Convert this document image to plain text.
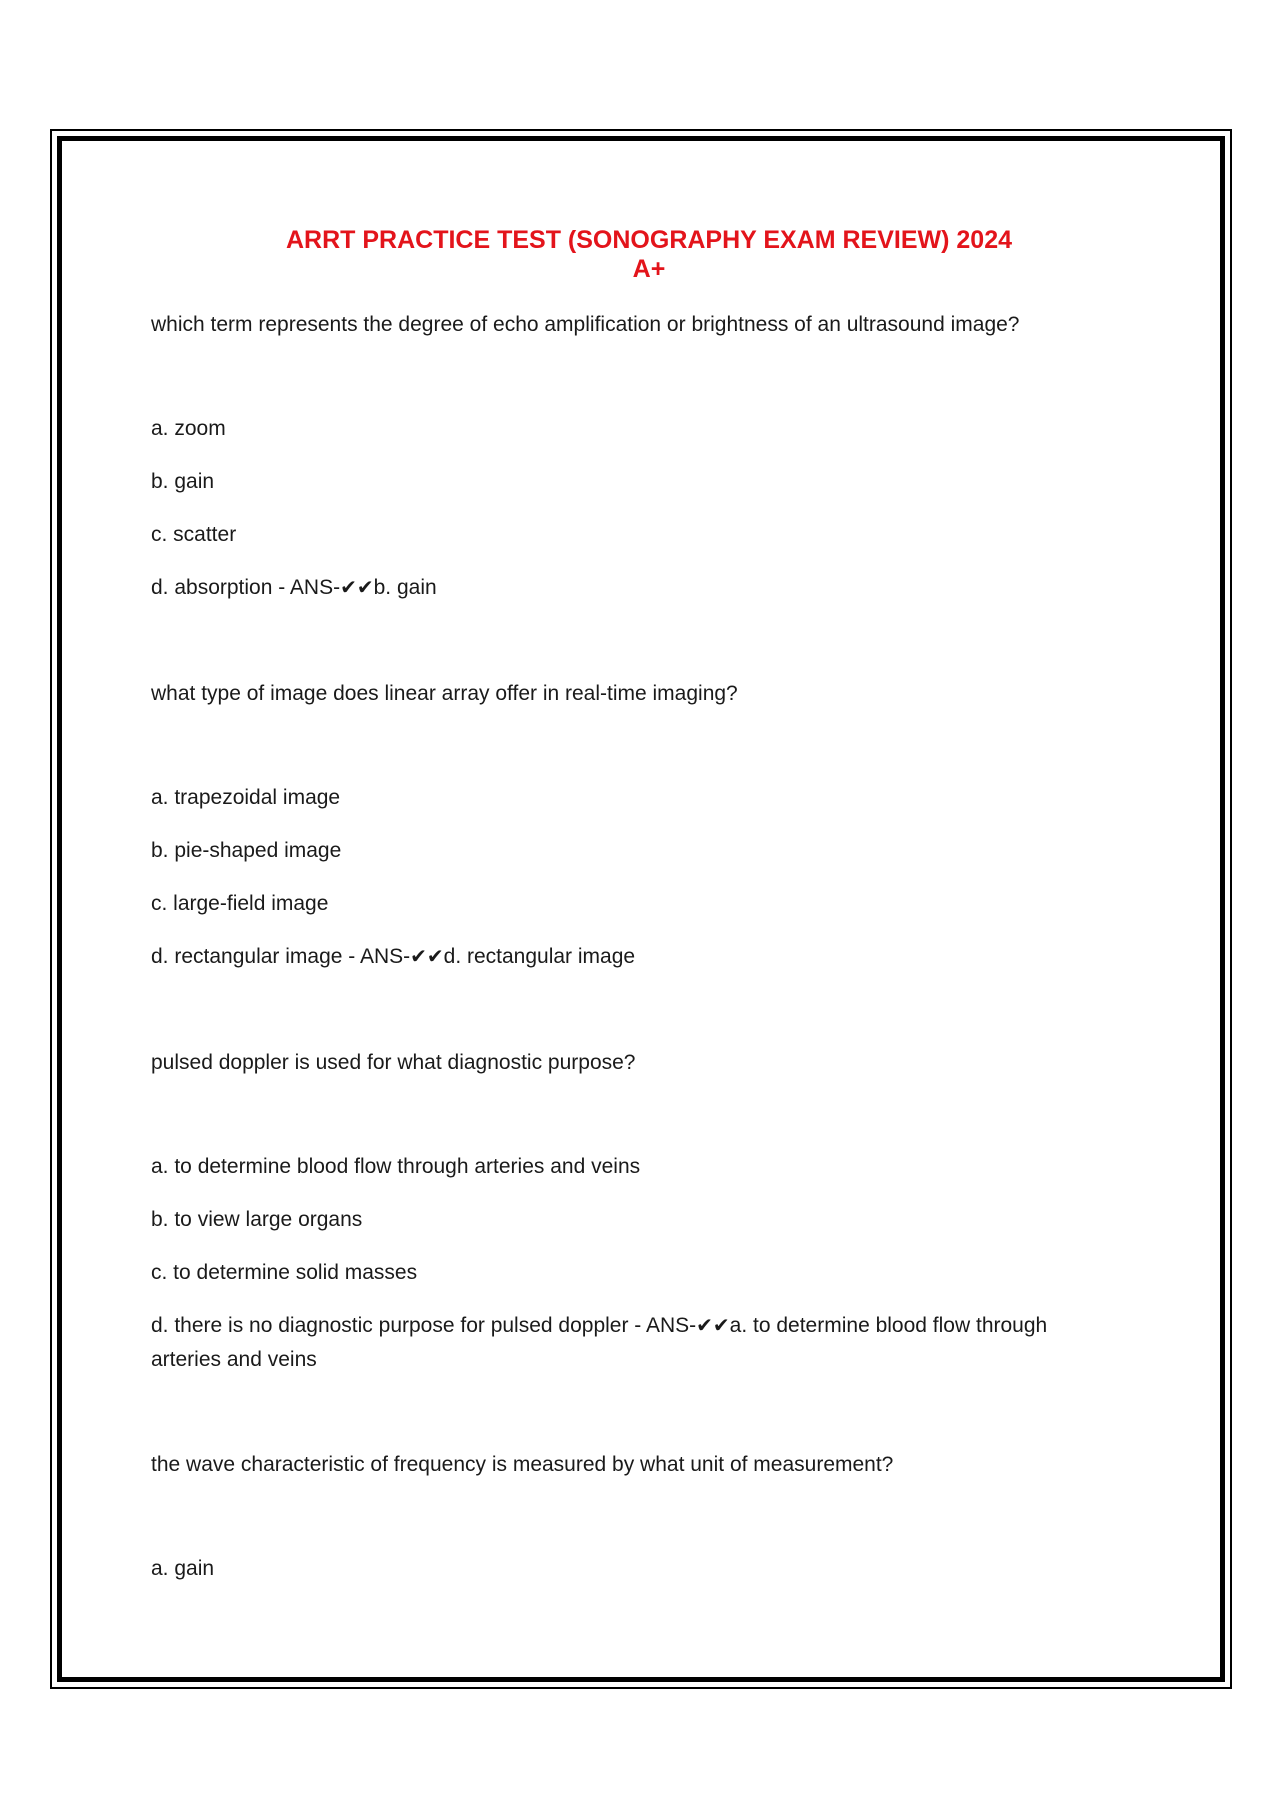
ARRT PRACTICE TEST (SONOGRAPHY EXAM REVIEW) 2024 A+
which term represents the degree of echo amplification or brightness of an ultrasound image?
a. zoom
b. gain
c. scatter
d. absorption - ANS-✔✔b. gain
what type of image does linear array offer in real-time imaging?
a. trapezoidal image
b. pie-shaped image
c. large-field image
d. rectangular image - ANS-✔✔d. rectangular image
pulsed doppler is used for what diagnostic purpose?
a. to determine blood flow through arteries and veins
b. to view large organs
c. to determine solid masses
d. there is no diagnostic purpose for pulsed doppler - ANS-✔✔a. to determine blood flow through arteries and veins
the wave characteristic of frequency is measured by what unit of measurement?
a. gain
